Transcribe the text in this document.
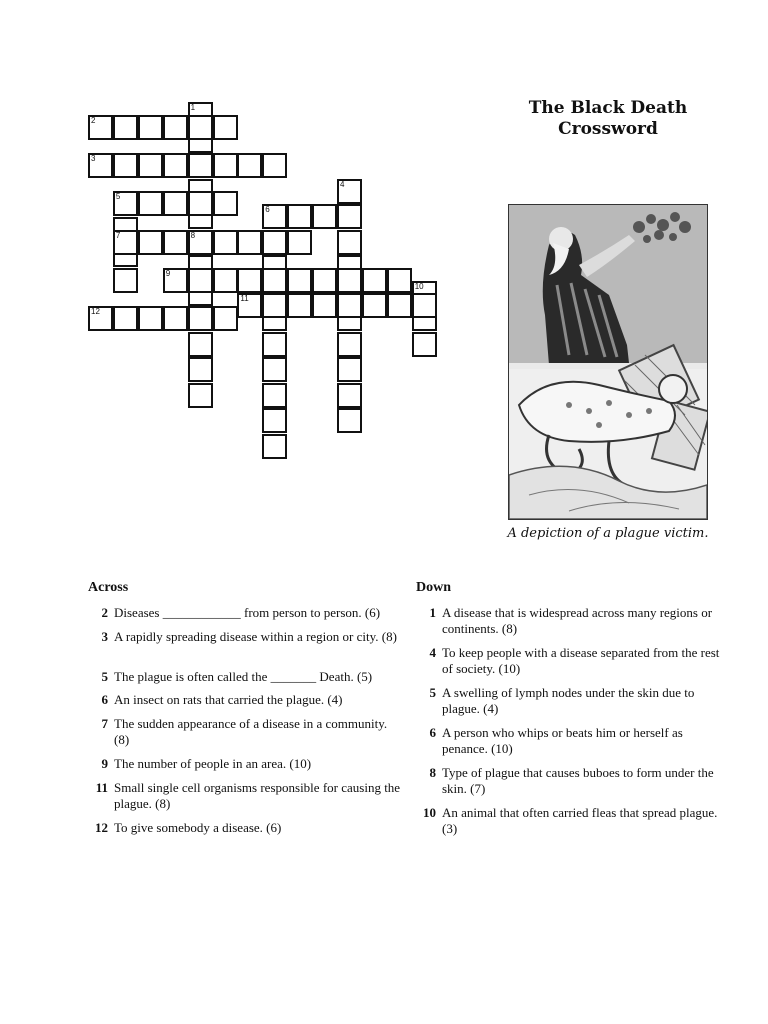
1
8
2
3
4
5
6
7
9
10
11
12
The Black Death
Crossword
A depiction of a plague victim.
Across
2 Diseases ____________ from person to person. (6)
3 A rapidly spreading disease within a region or city. (8)
5 The plague is often called the _______ Death. (5)
6 An insect on rats that carried the plague. (4)
7 The sudden appearance of a disease in a community. (8)
9 The number of people in an area. (10)
11 Small single cell organisms responsible for causing the plague. (8)
12 To give somebody a disease. (6)
Down
1 A disease that is widespread across many regions or continents. (8)
4 To keep people with a disease separated from the rest of society. (10)
5 A swelling of lymph nodes under the skin due to plague. (4)
6 A person who whips or beats him or herself as penance. (10)
8 Type of plague that causes buboes to form under the skin. (7)
10 An animal that often carried fleas that spread plague. (3)
